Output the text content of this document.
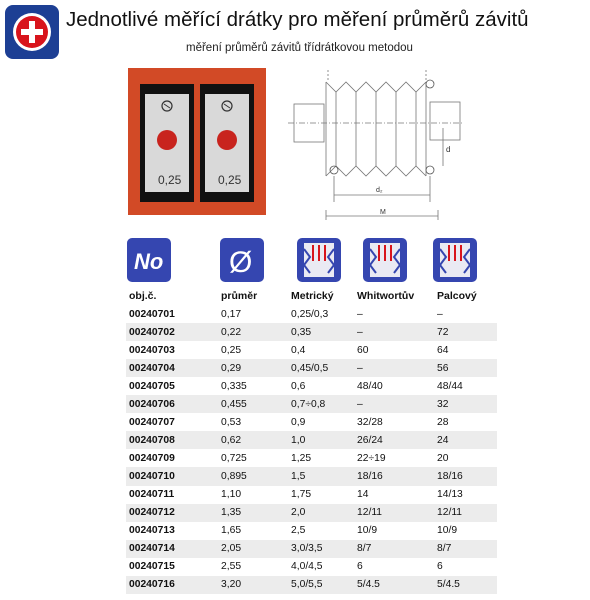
Jednotlivé měřící drátky pro měření průměrů závitů
měření průměrů závitů třídrátkovou metodou
0,25	0,25
d
d₂
M
No Ø
obj.č.	průměr	Metrický	Whitwortův	Palcový
00240701	0,17	0,25/0,3	–	–
00240702	0,22	0,35	–	72
00240703	0,25	0,4	60	64
00240704	0,29	0,45/0,5	–	56
00240705	0,335	0,6	48/40	48/44
00240706	0,455	0,7÷0,8	–	32
00240707	0,53	0,9	32/28	28
00240708	0,62	1,0	26/24	24
00240709	0,725	1,25	22÷19	20
00240710	0,895	1,5	18/16	18/16
00240711	1,10	1,75	14	14/13
00240712	1,35	2,0	12/11	12/11
00240713	1,65	2,5	10/9	10/9
00240714	2,05	3,0/3,5	8/7	8/7
00240715	2,55	4,0/4,5	6	6
00240716	3,20	5,0/5,5	5/4.5	5/4.5
